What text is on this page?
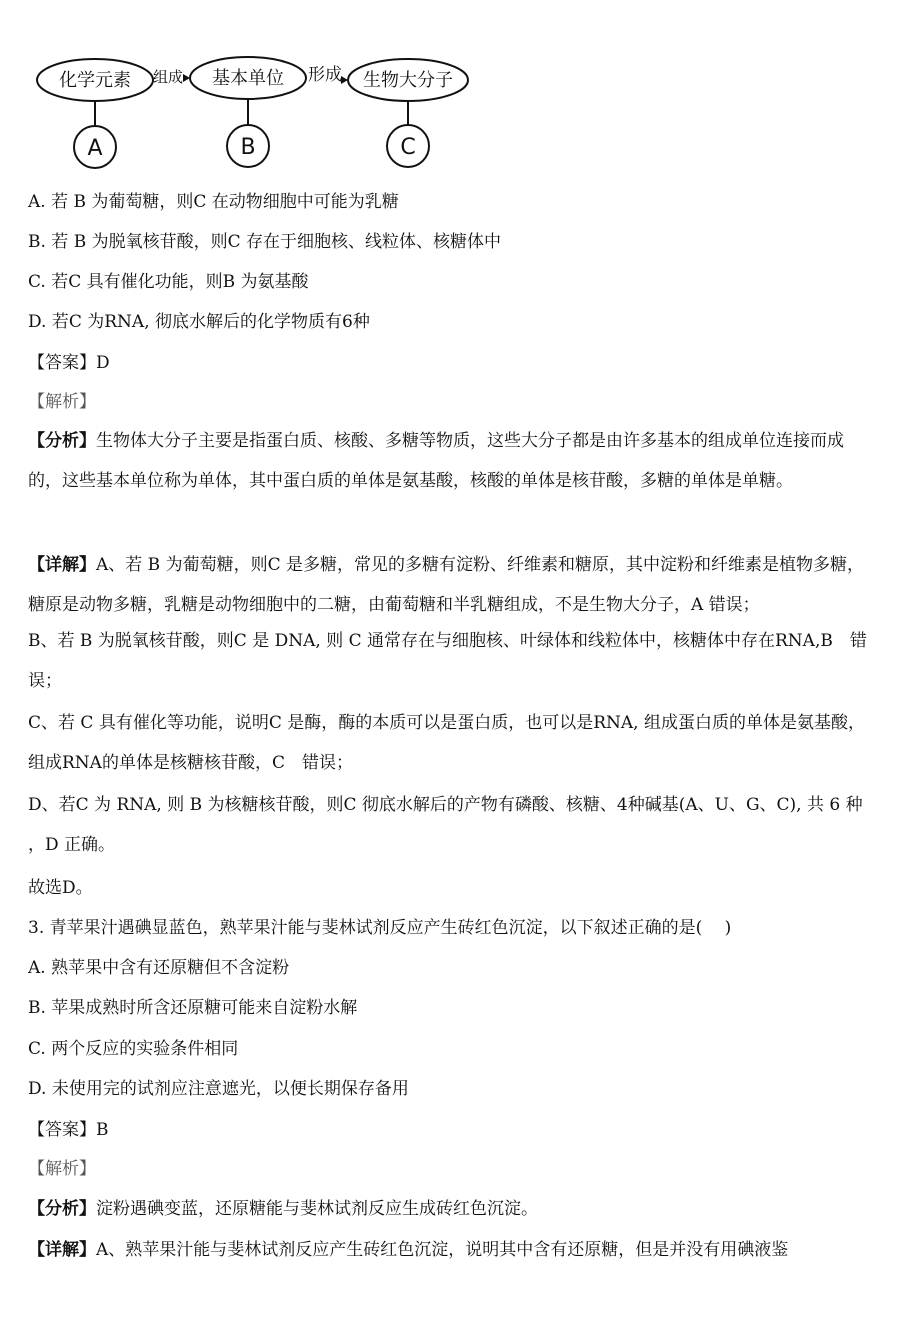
化学元素	基本单位	生物大分子
组成	形成
A	B	C
A. 若 B 为葡萄糖，则C 在动物细胞中可能为乳糖
B. 若 B 为脱氧核苷酸，则C 存在于细胞核、线粒体、核糖体中
C. 若C 具有催化功能，则B 为氨基酸
D. 若C 为RNA, 彻底水解后的化学物质有6种
【答案】D
【解析】
【分析】生物体大分子主要是指蛋白质、核酸、多糖等物质，这些大分子都是由许多基本的组成单位连接而成的，这些基本单位称为单体，其中蛋白质的单体是氨基酸，核酸的单体是核苷酸，多糖的单体是单糖。
【详解】A、若 B 为葡萄糖，则C 是多糖，常见的多糖有淀粉、纤维素和糖原，其中淀粉和纤维素是植物多糖，糖原是动物多糖，乳糖是动物细胞中的二糖，由葡萄糖和半乳糖组成，不是生物大分子，A 错误；
B、若 B 为脱氧核苷酸，则C 是 DNA, 则 C 通常存在与细胞核、叶绿体和线粒体中，核糖体中存在RNA,B　错误；
C、若 C 具有催化等功能，说明C 是酶，酶的本质可以是蛋白质，也可以是RNA, 组成蛋白质的单体是氨基酸，组成RNA的单体是核糖核苷酸，C　错误；
D、若C 为 RNA, 则 B 为核糖核苷酸，则C 彻底水解后的产物有磷酸、核糖、4种碱基(A、U、G、C), 共 6 种 ，D 正确。
故选D。
3. 青苹果汁遇碘显蓝色，熟苹果汁能与斐林试剂反应产生砖红色沉淀，以下叙述正确的是(　 )
A. 熟苹果中含有还原糖但不含淀粉
B. 苹果成熟时所含还原糖可能来自淀粉水解
C. 两个反应的实验条件相同
D. 未使用完的试剂应注意遮光，以便长期保存备用
【答案】B
【解析】
【分析】淀粉遇碘变蓝，还原糖能与斐林试剂反应生成砖红色沉淀。
【详解】A、熟苹果汁能与斐林试剂反应产生砖红色沉淀，说明其中含有还原糖，但是并没有用碘液鉴
